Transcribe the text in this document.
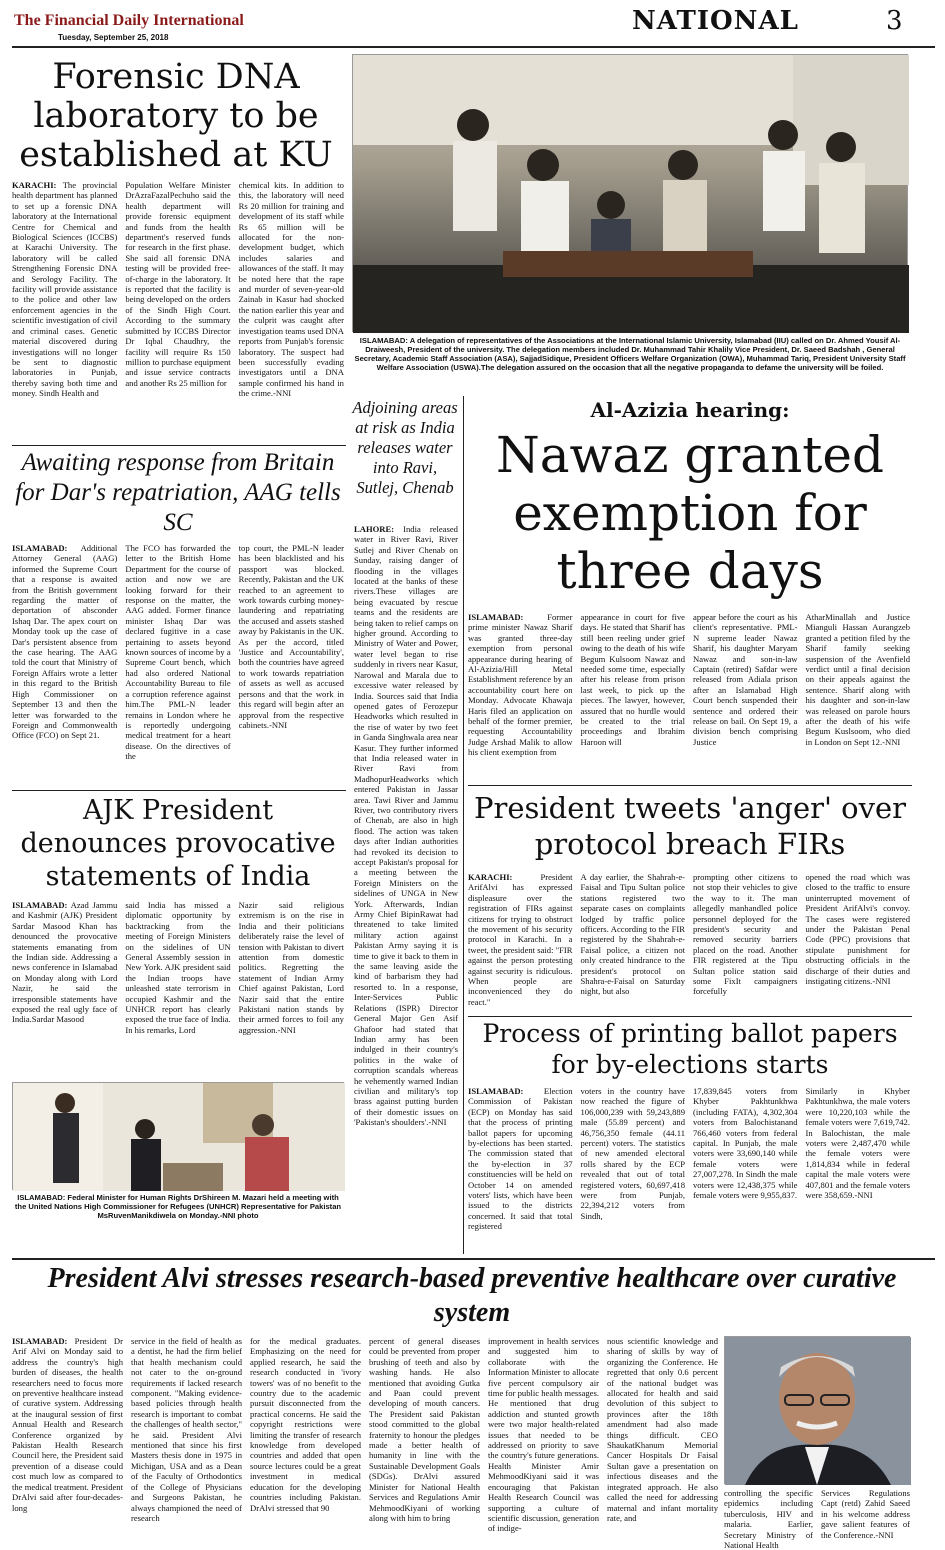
The Financial Daily International
Tuesday, September 25, 2018
NATIONAL	3
Forensic DNA laboratory to be established at KU
KARACHI: The provincial health department has planned to set up a forensic DNA laboratory at the International Centre for Chemical and Biological Sciences (ICCBS) at Karachi University. The laboratory will be called Strengthening Forensic DNA and Serology Facility. The facility will provide assistance to the police and other law enforcement agencies in the scientific investigation of civil and criminal cases. Genetic material discovered during investigations will no longer be sent to diagnostic laboratories in Punjab, thereby saving both time and money. Sindh Health and
Population Welfare Minister DrAzraFazalPechuho said the health department will provide forensic equipment and funds from the health department's reserved funds for research in the first phase. She said all forensic DNA testing will be provided free-of-charge in the laboratory. It is reported that the facility is being developed on the orders of the Sindh High Court. According to the summary submitted by ICCBS Director Dr Iqbal Chaudhry, the facility will require Rs 150 million to purchase equipment and issue service contracts and another Rs 25 million for
chemical kits. In addition to this, the laboratory will need Rs 20 million for training and development of its staff while Rs 65 million will be allocated for the non-development budget, which includes salaries and allowances of the staff. It may be noted here that the rape and murder of seven-year-old Zainab in Kasur had shocked the nation earlier this year and the culprit was caught after investigation teams used DNA reports from Punjab's forensic laboratory. The suspect had been successfully evading investigators until a DNA sample confirmed his hand in the crime.-NNI
ISLAMABAD: A delegation of representatives of the Associations at the International Islamic University, Islamabad (IIU) called on Dr. Ahmed Yousif Al-Draiweesh, President of the university. The delegation members included Dr. Muhammad Tahir Khalily Vice President, Dr. Saeed Badshah , General Secretary, Academic Staff Association (ASA), SajjadSidique, President Officers Welfare Organization (OWA), Muhammad Tariq, President University Staff Welfare Association (USWA).The delegation assured on the occasion that all the negative propaganda to defame the university will be foiled.
Awaiting response from Britain for Dar's repatriation, AAG tells SC
ISLAMABAD: Additional Attorney General (AAG) informed the Supreme Court that a response is awaited from the British government regarding the matter of deportation of absconder Ishaq Dar. The apex court on Monday took up the case of Dar's persistent absence from the case hearing. The AAG told the court that Ministry of Foreign Affairs wrote a letter in this regard to the British High Commissioner on September 13 and then the letter was forwarded to the Foreign and Commonwealth Office (FCO) on Sept 21.
The FCO has forwarded the letter to the British Home Department for the course of action and now we are looking forward for their response on the matter, the AAG added. Former finance minister Ishaq Dar was declared fugitive in a case pertaining to assets beyond known sources of income by a Supreme Court bench, which had also ordered National Accountability Bureau to file a corruption reference against him.The PML-N leader remains in London where he is reportedly undergoing medical treatment for a heart disease. On the directives of the
top court, the PML-N leader has been blacklisted and his passport was blocked. Recently, Pakistan and the UK reached to an agreement to work towards curbing money-laundering and repatriating the accused and assets stashed away by Pakistanis in the UK. As per the accord, titled 'Justice and Accountability', both the countries have agreed to work towards repatriation of assets as well as accused persons and that the work in this regard will begin after an approval from the respective cabinets.-NNI
Adjoining areas at risk as India releases water into Ravi, Sutlej, Chenab
LAHORE: India released water in River Ravi, River Sutlej and River Chenab on Sunday, raising danger of flooding in the villages located at the banks of these rivers.These villages are being evacuated by rescue teams and the residents are being taken to relief camps on higher ground. According to Ministry of Water and Power, water level began to rise suddenly in rivers near Kasur, Narowal and Marala due to excessive water released by India. Sources said that India opened gates of Ferozepur Headworks which resulted in the rise of water by two feet in Ganda Singhwala area near Kasur. They further informed that India released water in River Ravi from MadhopurHeadworks which entered Pakistan in Jassar area. Tawi River and Jammu River, two contributory rivers of Chenab, are also in high flood. The action was taken days after Indian authorities had revoked its decision to accept Pakistan's proposal for a meeting between the Foreign Ministers on the sidelines of UNGA in New York. Afterwards, Indian Army Chief BipinRawat had threatened to take limited military action against Pakistan Army saying it is time to give it back to them in the same leaving aside the kind of barbarism they had resorted to. In a response, Inter-Services Public Relations (ISPR) Director General Major Gen Asif Ghafoor had stated that Indian army has been indulged in their country's politics in the wake of corruption scandals whereas he vehemently warned Indian civilian and military's top brass against putting burden of their domestic issues on 'Pakistan's shoulders'.-NNI
Al-Azizia hearing:
Nawaz granted exemption for three days
ISLAMABAD:	Former prime minister Nawaz Sharif was granted three-day exemption from personal appearance during hearing of Al-Azizia/Hill Metal Establishment reference by an accountability court here on Monday. Advocate Khawaja Haris filed an application on behalf of the former premier, requesting Accountability Judge Arshad Malik to allow his client exemption from
appearance in court for five days. He stated that Sharif has still been reeling under grief owing to the death of his wife Begum Kulsoom Nawaz and needed some time, especially after his release from prison last week, to pick up the pieces. The lawyer, however, assured that no hurdle would be created to the trial proceedings and Ibrahim Haroon will
appear before the court as his client's representative. PML-N supreme leader Nawaz Sharif, his daughter Maryam Nawaz and son-in-law Captain (retired) Safdar were released from Adiala prison after an Islamabad High Court bench suspended their sentence and ordered their release on bail. On Sept 19, a division bench comprising Justice
AtharMinallah and Justice Mianguli Hassan Aurangzeb granted a petition filed by the Sharif family seeking suspension of the Avenfield verdict until a final decision on their appeals against the sentence. Sharif along with his daughter and son-in-law was released on parole hours after the death of his wife Begum Kuslsoom, who died in London on Sept 12.-NNI
AJK President denounces provocative statements of India
ISLAMABAD: Azad Jammu and Kashmir (AJK) President Sardar Masood Khan has denounced the provocative statements emanating from the Indian side. Addressing a news conference in Islamabad on Monday along with Lord Nazir, he said the irresponsible statements have exposed the real ugly face of India.Sardar Masood
said India has missed a diplomatic opportunity by backtracking from the meeting of Foreign Ministers on the sidelines of UN General Assembly session in New York. AJK president said the Indian troops have unleashed state terrorism in occupied Kashmir and the UNHCR report has clearly exposed the true face of India. In his remarks, Lord
Nazir said religious extremism is on the rise in India and their politicians deliberately raise the level of tension with Pakistan to divert attention from domestic politics. Regretting the statement of Indian Army Chief against Pakistan, Lord Nazir said that the entire Pakistani nation stands by their armed forces to foil any aggression.-NNI
ISLAMABAD: Federal Minister for Human Rights DrShireen M. Mazari held a meeting with the United Nations High Commissioner for Refugees (UNHCR) Representative for Pakistan MsRuvenManikdiwela on Monday.-NNI photo
President tweets 'anger' over protocol breach FIRs
KARACHI:	President ArifAlvi has expressed displeasure over the registration of FIRs against citizens for trying to obstruct the movement of his security protocol in Karachi. In a tweet, the president said: "FIR against the person protesting against security is ridiculous. When people are inconvenienced they do react."
A day earlier, the Shahrah-e-Faisal and Tipu Sultan police stations registered two separate cases on complaints lodged by traffic police officers. According to the FIR registered by the Shahrah-e-Faisal police, a citizen not only created hindrance to the president's protocol on Shahra-e-Faisal on Saturday night, but also
prompting other citizens to not stop their vehicles to give the way to it. The man allegedly manhandled police personnel deployed for the president's security and removed security barriers placed on the road. Another FIR registered at the Tipu Sultan police station said some FixIt campaigners forcefully
opened the road which was closed to the traffic to ensure uninterrupted movement of President ArifAlvi's convoy. The cases were registered under the Pakistan Penal Code (PPC) provisions that stipulate punishment for obstructing officials in the discharge of their duties and instigating citizens.-NNI
Process of printing ballot papers for by-elections starts
ISLAMABAD: Election Commission of Pakistan (ECP) on Monday has said that the process of printing ballot papers for upcoming by-elections has been started. The commission stated that the by-election in 37 constituencies will be held on October 14 on amended voters' lists, which have been issued to the districts concerned. It said that total registered
voters in the country have now reached the figure of 106,000,239 with 59,243,889 male (55.89 percent) and 46,756,350 female (44.11 percent) voters. The statistics of new amended electoral rolls shared by the ECP revealed that out of total registered voters, 60,697,418 were from Punjab, 22,394,212 voters from Sindh,
17,839,845 voters from Khyber Pakhtunkhwa (including FATA), 4,302,304 voters from Balochistanand 766,460 voters from federal capital. In Punjab, the male voters were 33,690,140 while female voters were 27,007,278. In Sindh the male voters were 12,438,375 while female voters were 9,955,837.
Similarly in Khyber Pakhtunkhwa, the male voters were 10,220,103 while the female voters were 7,619,742. In Balochistan, the male voters were 2,487,470 while the female voters were 1,814,834 while in federal capital the male voters were 407,801 and the female voters were 358,659.-NNI
President Alvi stresses research-based preventive healthcare over curative system
ISLAMABAD: President Dr Arif Alvi on Monday said to address the country's high burden of diseases, the health researchers need to focus more on preventive healthcare instead of curative system. Addressing at the inaugural session of first Annual Health and Research Conference organized by Pakistan Health Research Council here, the President said prevention of a disease could cost much low as compared to the medical treatment. President DrAlvi said after four-decades-long
service in the field of health as a dentist, he had the firm belief that health mechanism could not cater to the on-ground requirements if lacked research component. "Making evidence-based policies through health research is important to combat the challenges of health sector," he said. President Alvi mentioned that since his first Masters thesis done in 1975 in Michigan, USA and as a Dean of the Faculty of Orthodontics of the College of Physicians and Surgeons Pakistan, he always championed the need of research
for the medical graduates. Emphasizing on the need for applied research, he said the research conducted in 'ivory towers' was of no benefit to the country due to the academic pursuit disconnected from the practical concerns. He said the copyright restrictions were limiting the transfer of research knowledge from developed countries and added that open source lectures could be a great investment in medical education for the developing countries including Pakistan. DrAlvi stressed that 90
percent of general diseases could be prevented from proper brushing of teeth and also by washing hands. He also mentioned that avoiding Gutka and Paan could prevent developing of mouth cancers. The President said Pakistan stood committed to the global fraternity to honour the pledges made a better health of humanity in line with the Sustainable Development Goals (SDGs). DrAlvi assured Minister for National Health Services and Regulations Amir MehmoodKiyani of working along with him to bring
improvement in health services and suggested him to collaborate with the Information Minister to allocate five percent compulsory air time for public health messages. He mentioned that drug addiction and stunted growth were two major health-related issues that needed to be addressed on priority to save the country's future generations. Health Minister Amir MehmoodKiyani said it was encouraging that Pakistan Health Research Council was supporting a culture of scientific discussion, generation of indige-
nous scientific knowledge and sharing of skills by way of organizing the Conference. He regretted that only 0.6 percent of the national budget was allocated for health and said devolution of this subject to provinces after the 18th amendment had also made things difficult. CEO ShaukatKhanum Memorial Cancer Hospitals Dr Faisal Sultan gave a presentation on infectious diseases and the integrated approach. He also called the need for addressing maternal and infant mortality rate, and
controlling the specific epidemics including tuberculosis, HIV and malaria. Earlier, Secretary Ministry of National Health
Services Regulations Capt (retd) Zahid Saeed in his welcome address gave salient features of the Conference.-NNI
